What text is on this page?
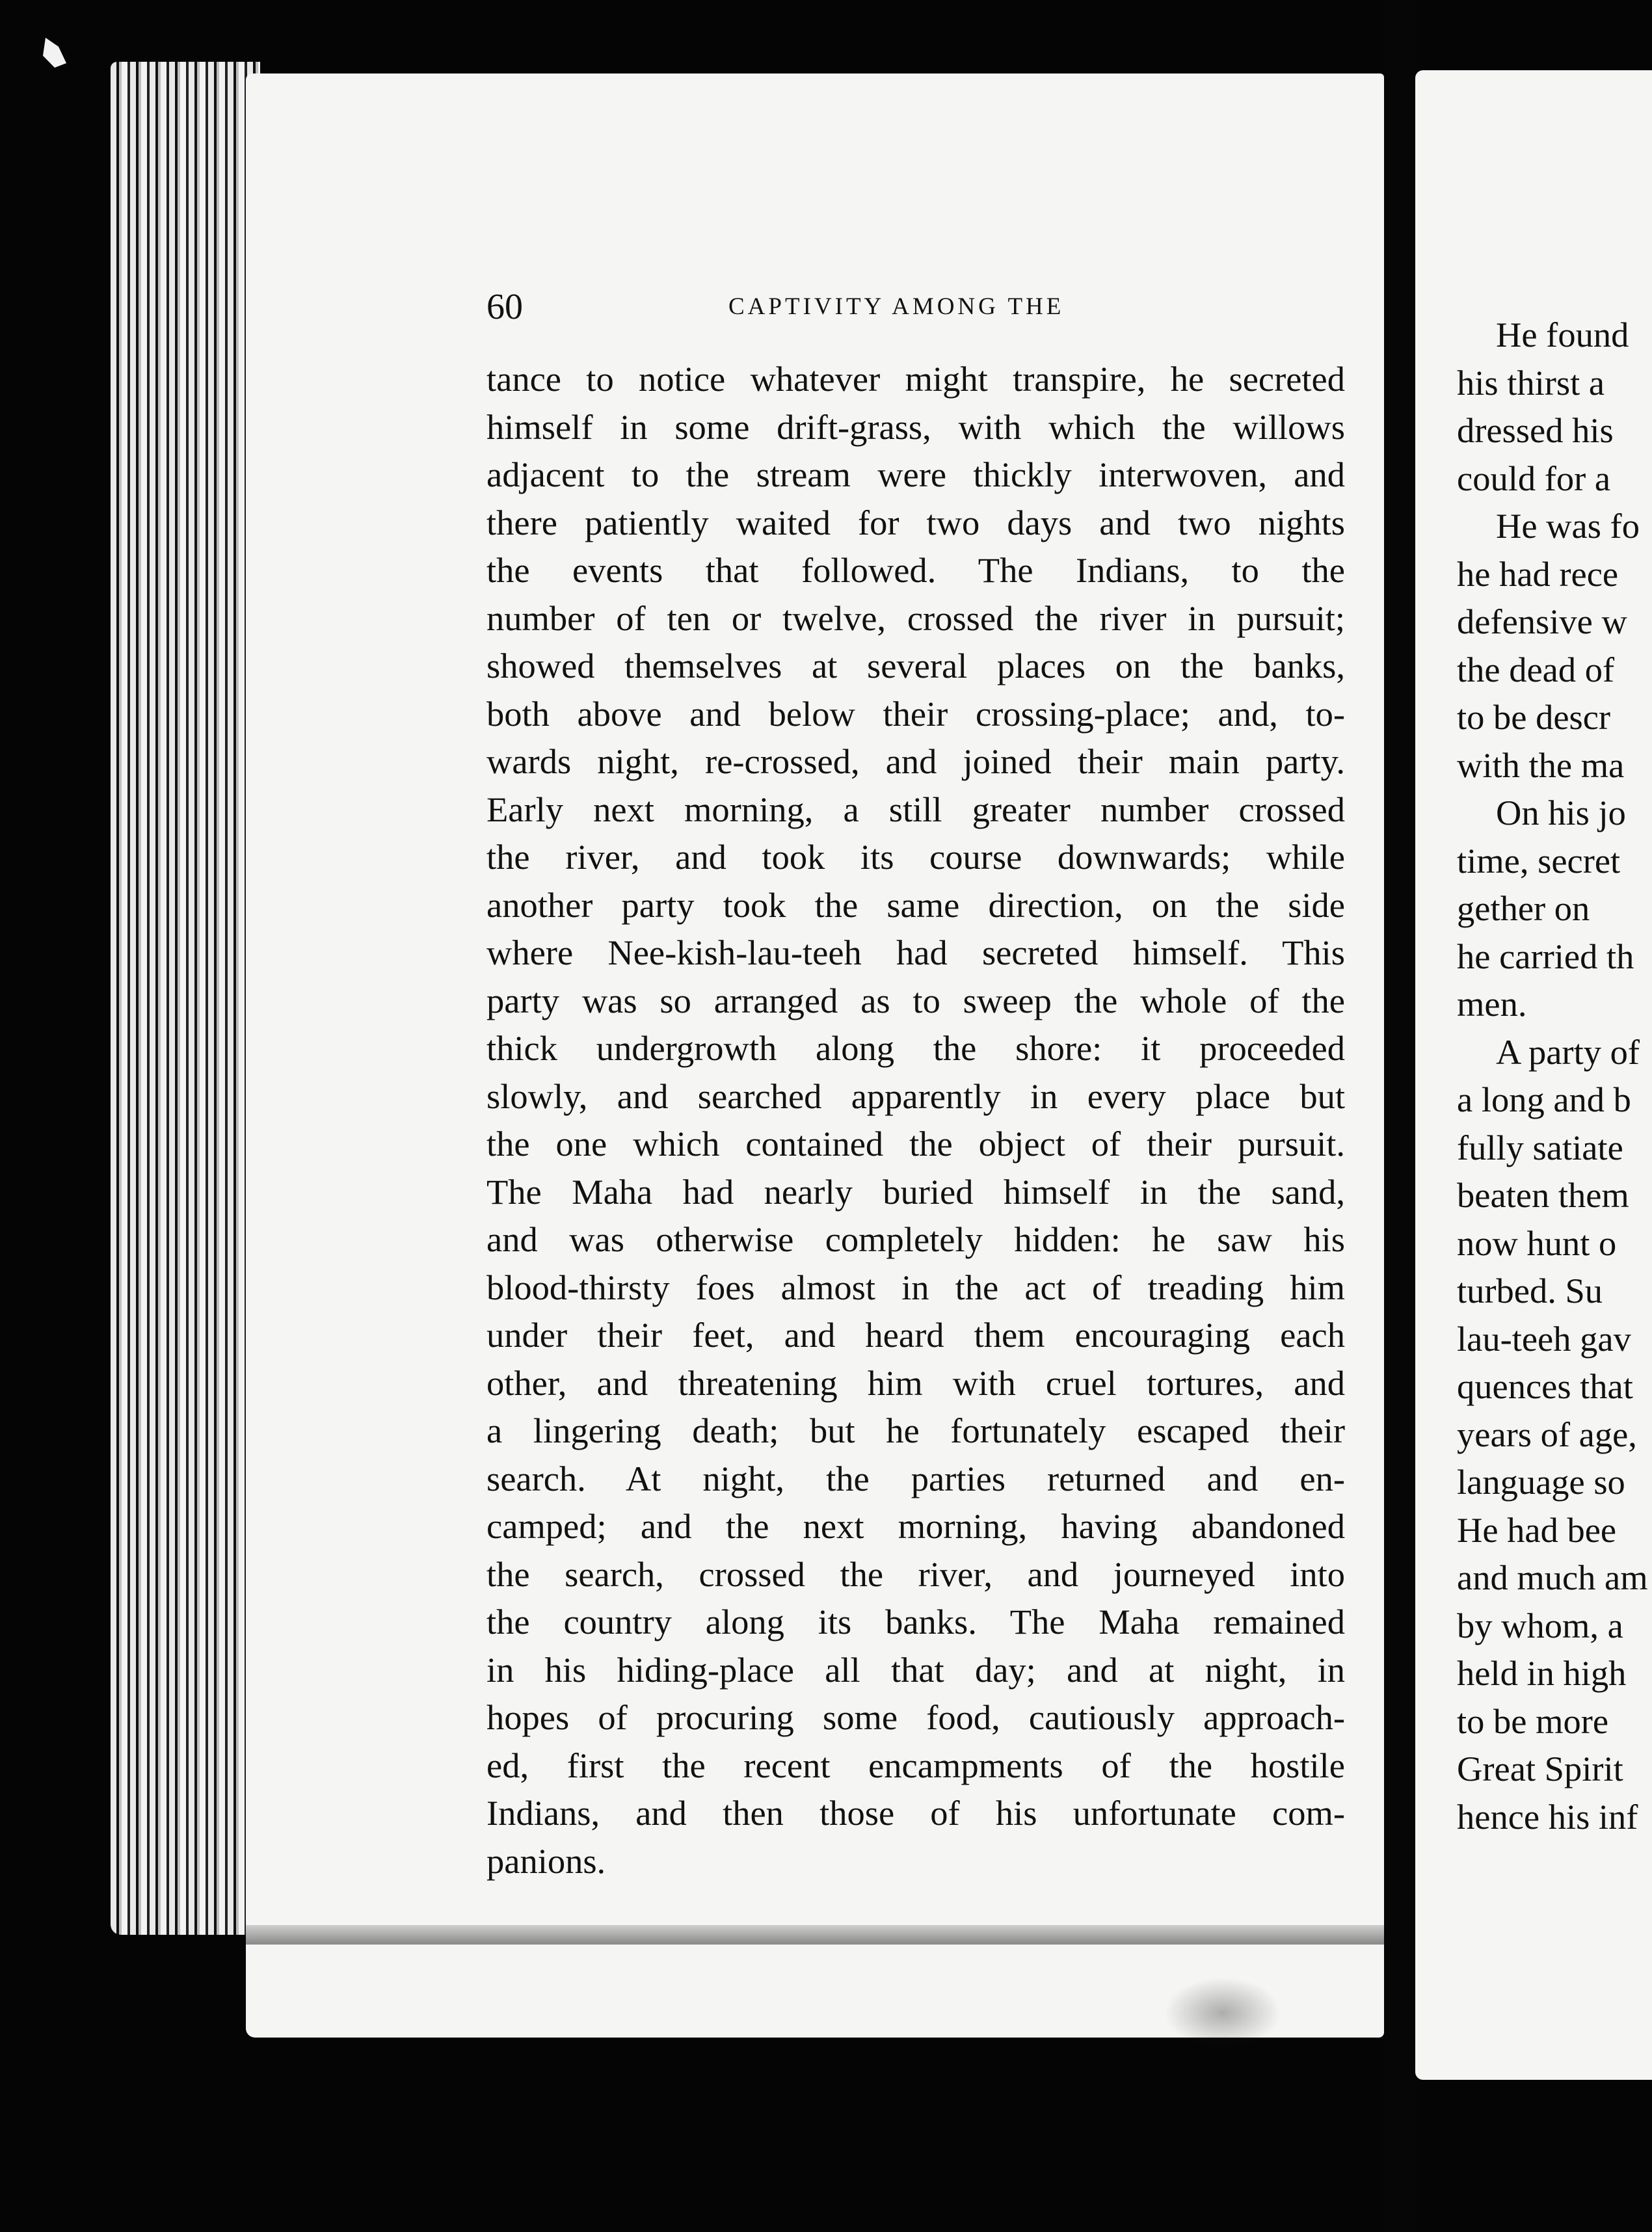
60	CAPTIVITY AMONG THE
tance to notice whatever might transpire, he secreted
himself in some drift-grass, with which the willows
adjacent to the stream were thickly interwoven, and
there patiently waited for two days and two nights
the events that followed. The Indians, to the
number of ten or twelve, crossed the river in pursuit;
showed themselves at several places on the banks,
both above and below their crossing-place; and, to-
wards night, re-crossed, and joined their main party.
Early next morning, a still greater number crossed
the river, and took its course downwards; while
another party took the same direction, on the side
where Nee-kish-lau-teeh had secreted himself. This
party was so arranged as to sweep the whole of the
thick undergrowth along the shore: it proceeded
slowly, and searched apparently in every place but
the one which contained the object of their pursuit.
The Maha had nearly buried himself in the sand,
and was otherwise completely hidden: he saw his
blood-thirsty foes almost in the act of treading him
under their feet, and heard them encouraging each
other, and threatening him with cruel tortures, and
a lingering death; but he fortunately escaped their
search. At night, the parties returned and en-
camped; and the next morning, having abandoned
the search, crossed the river, and journeyed into
the country along its banks. The Maha remained
in his hiding-place all that day; and at night, in
hopes of procuring some food, cautiously approach-
ed, first the recent encampments of the hostile
Indians, and then those of his unfortunate com-
panions.
He found
his thirst a
dressed his
could for a
He was fo
he had rece
defensive w
the dead of
to be descr
with the ma
On his jo
time, secret
gether on
he carried th
men.
A party of
a long and b
fully satiate
beaten them
now hunt o
turbed. Su
lau-teeh gav
quences that
years of age,
language so
He had bee
and much am
by whom, a
held in high
to be more
Great Spirit
hence his inf
